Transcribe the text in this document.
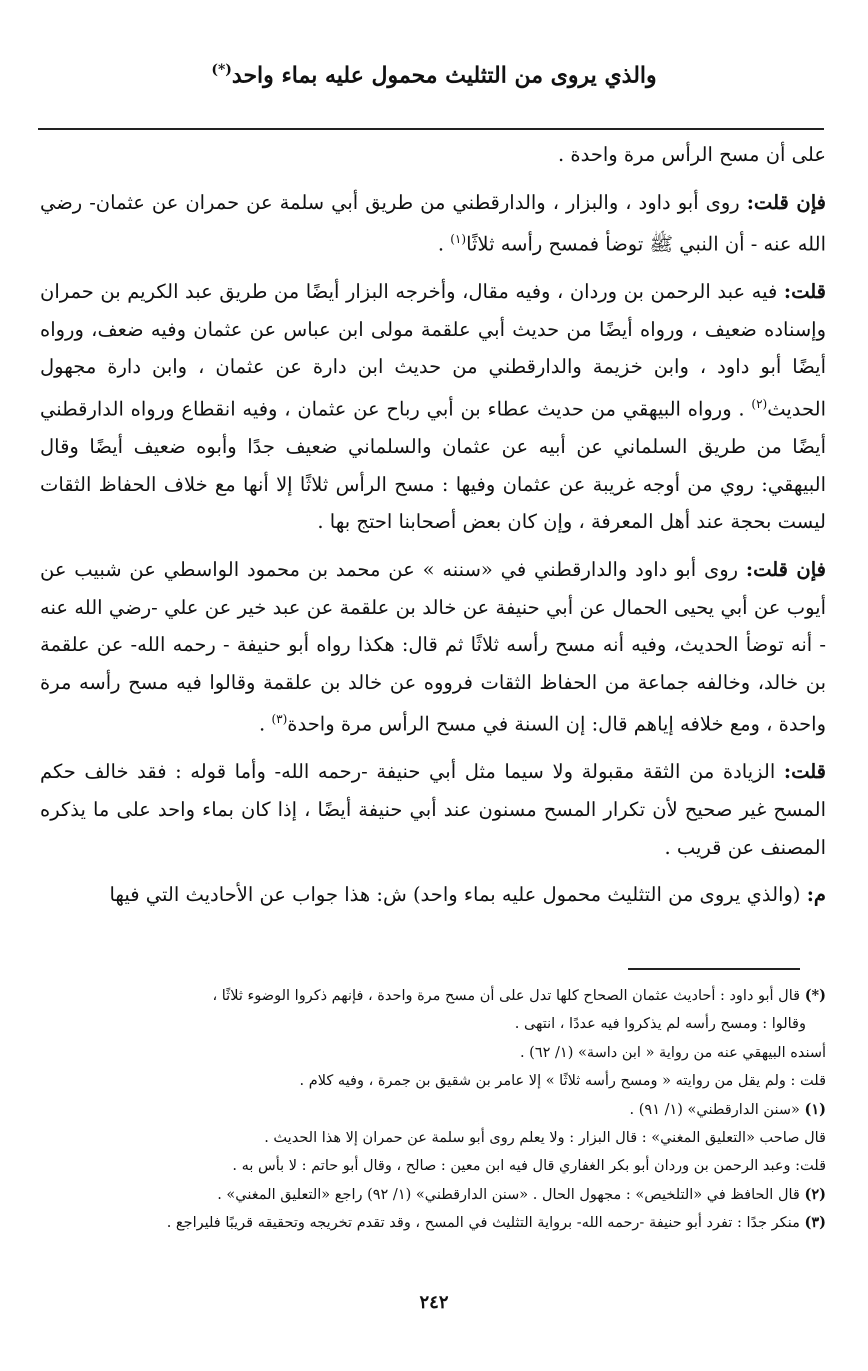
والذي يروى من التثليث محمول عليه بماء واحد(*)

على أن مسح الرأس مرة واحدة .

فإن قلت: روى أبو داود ، والبزار ، والدارقطني من طريق أبي سلمة عن حمران عن عثمان- رضي الله عنه - أن النبي ﷺ توضأ فمسح رأسه ثلاثًا$^{(١)}$ .

قلت: فيه عبد الرحمن بن وردان ، وفيه مقال، وأخرجه البزار أيضًا من طريق عبد الكريم بن حمران وإسناده ضعيف ، ورواه أيضًا من حديث أبي علقمة مولى ابن عباس عن عثمان وفيه ضعف، ورواه أيضًا أبو داود ، وابن خزيمة والدارقطني من حديث ابن دارة عن عثمان ، وابن دارة مجهول الحديث$^{(٢)}$ . ورواه البيهقي من حديث عطاء بن أبي رباح عن عثمان ، وفيه انقطاع ورواه الدارقطني أيضًا من طريق السلماني عن أبيه عن عثمان والسلماني ضعيف جدًا وأبوه ضعيف أيضًا وقال البيهقي: روي من أوجه غريبة عن عثمان وفيها : مسح الرأس ثلاثًا إلا أنها مع خلاف الحفاظ الثقات ليست بحجة عند أهل المعرفة ، وإن كان بعض أصحابنا احتج بها .

فإن قلت: روى أبو داود والدارقطني في «سننه » عن محمد بن محمود الواسطي عن شبيب عن أيوب عن أبي يحيى الحمال عن أبي حنيفة عن خالد بن علقمة عن عبد خير عن علي -رضي الله عنه - أنه توضأ الحديث، وفيه أنه مسح رأسه ثلاثًا ثم قال: هكذا رواه أبو حنيفة - رحمه الله- عن علقمة بن خالد، وخالفه جماعة من الحفاظ الثقات فرووه عن خالد بن علقمة وقالوا فيه مسح رأسه مرة واحدة ، ومع خلافه إياهم قال: إن السنة في مسح الرأس مرة واحدة$^{(٣)}$ .

قلت: الزيادة من الثقة مقبولة ولا سيما مثل أبي حنيفة -رحمه الله- وأما قوله : فقد خالف حكم المسح غير صحيح لأن تكرار المسح مسنون عند أبي حنيفة أيضًا ، إذا كان بماء واحد على ما يذكره المصنف عن قريب .

م: (والذي يروى من التثليث محمول عليه بماء واحد) ش: هذا جواب عن الأحاديث التي فيها

(*) قال أبو داود : أحاديث عثمان الصحاح كلها تدل على أن مسح مرة واحدة ، فإنهم ذكروا الوضوء ثلاثًا ،
وقالوا : ومسح رأسه لم يذكروا فيه عددًا ، انتهى .
أسنده البيهقي عنه من رواية « ابن داسة» (١/ ٦٢) .
قلت : ولم يقل من روايته « ومسح رأسه ثلاثًا » إلا عامر بن شقيق بن جمرة ، وفيه كلام .
(١) «سنن الدارقطني» (١/ ٩١) .
قال صاحب «التعليق المغني» : قال البزار : ولا يعلم روى أبو سلمة عن حمران إلا هذا الحديث .
قلت: وعبد الرحمن بن وردان أبو بكر الغفاري قال فيه ابن معين : صالح ، وقال أبو حاتم : لا بأس به .
(٢) قال الحافظ في «التلخيص» : مجهول الحال . «سنن الدارقطني» (١/ ٩٢) راجع «التعليق المغني» .
(٣) منكر جدًا : تفرد أبو حنيفة -رحمه الله- برواية التثليث في المسح ، وقد تقدم تخريجه وتحقيقه قريبًا فليراجع .
٢٤٢
